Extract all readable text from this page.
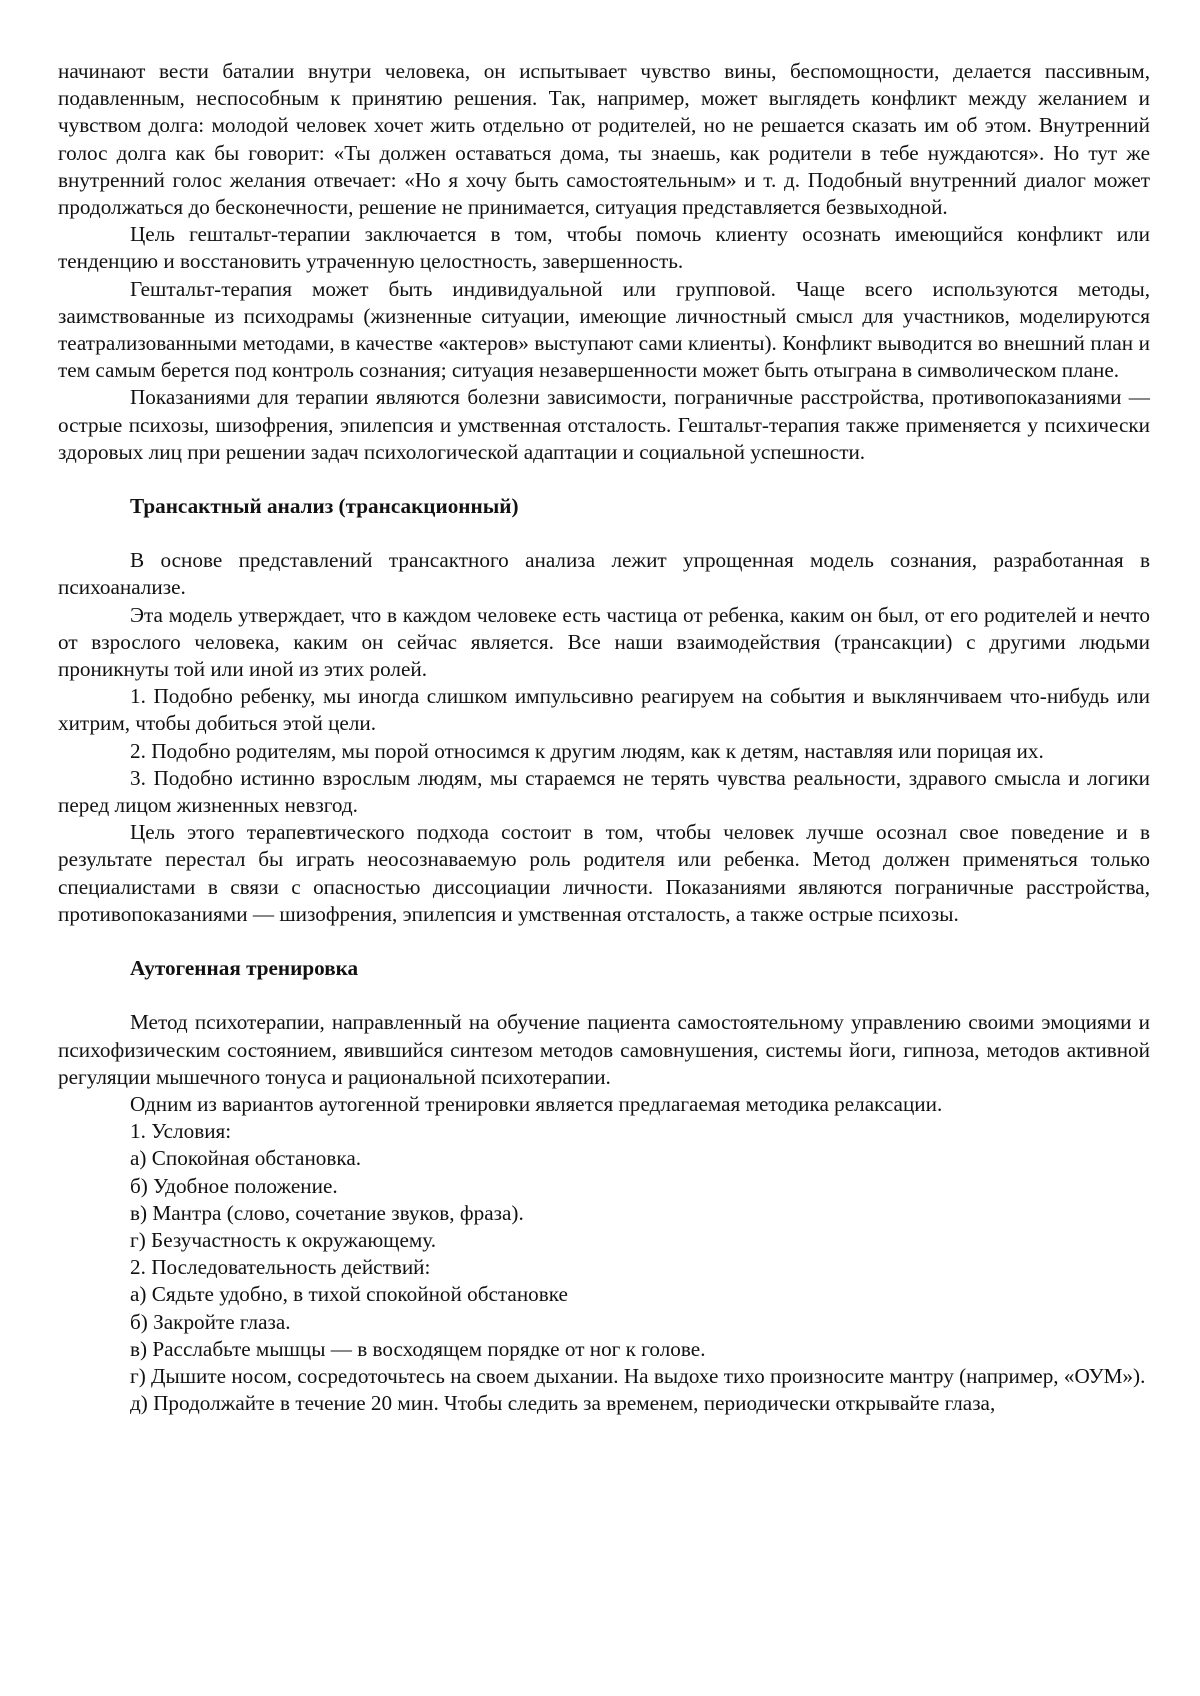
начинают вести баталии внутри человека, он испытывает чувство вины, беспомощности, делается пассивным, подавленным, неспособным к принятию решения. Так, например, может выглядеть конфликт между желанием и чувством долга: молодой человек хочет жить отдельно от родителей, но не решается сказать им об этом. Внутренний голос долга как бы говорит: «Ты должен оставаться дома, ты знаешь, как родители в тебе нуждаются». Но тут же внутренний голос желания отвечает: «Но я хочу быть самостоятельным» и т. д. Подобный внутренний диалог может продолжаться до бесконечности, решение не принимается, ситуация представляется безвыходной.

Цель гештальт-терапии заключается в том, чтобы помочь клиенту осознать имеющийся конфликт или тенденцию и восстановить утраченную целостность, завершенность.

Гештальт-терапия может быть индивидуальной или групповой. Чаще всего используются методы, заимствованные из психодрамы (жизненные ситуации, имеющие личностный смысл для участников, моделируются театрализованными методами, в качестве «актеров» выступают сами клиенты). Конфликт выводится во внешний план и тем самым берется под контроль сознания; ситуация незавершенности может быть отыграна в символическом плане.

Показаниями для терапии являются болезни зависимости, пограничные расстройства, противопоказаниями — острые психозы, шизофрения, эпилепсия и умственная отсталость. Гештальт-терапия также применяется у психически здоровых лиц при решении задач психологической адаптации и социальной успешности.

Трансактный анализ (трансакционный)

В основе представлений трансактного анализа лежит упрощенная модель сознания, разработанная в психоанализе.

Эта модель утверждает, что в каждом человеке есть частица от ребенка, каким он был, от его родителей и нечто от взрослого человека, каким он сейчас является. Все наши взаимодействия (трансакции) с другими людьми проникнуты той или иной из этих ролей.

1. Подобно ребенку, мы иногда слишком импульсивно реагируем на события и выклянчиваем что-нибудь или хитрим, чтобы добиться этой цели.

2. Подобно родителям, мы порой относимся к другим людям, как к детям, наставляя или порицая их.

3. Подобно истинно взрослым людям, мы стараемся не терять чувства реальности, здравого смысла и логики перед лицом жизненных невзгод.

Цель этого терапевтического подхода состоит в том, чтобы человек лучше осознал свое поведение и в результате перестал бы играть неосознаваемую роль родителя или ребенка. Метод должен применяться только специалистами в связи с опасностью диссоциации личности. Показаниями являются пограничные расстройства, противопоказаниями — шизофрения, эпилепсия и умственная отсталость, а также острые психозы.

Аутогенная тренировка

Метод психотерапии, направленный на обучение пациента самостоятельному управлению своими эмоциями и психофизическим состоянием, явившийся синтезом методов самовнушения, системы йоги, гипноза, методов активной регуляции мышечного тонуса и рациональной психотерапии.

Одним из вариантов аутогенной тренировки является предлагаемая методика релаксации.

1. Условия:

а) Спокойная обстановка.

б) Удобное положение.

в) Мантра (слово, сочетание звуков, фраза).

г) Безучастность к окружающему.

2. Последовательность действий:

а) Сядьте удобно, в тихой спокойной обстановке

б) Закройте глаза.

в) Расслабьте мышцы — в восходящем порядке от ног к голове.

г) Дышите носом, сосредоточьтесь на своем дыхании. На выдохе тихо произносите мантру (например, «ОУМ»).

д) Продолжайте в течение 20 мин. Чтобы следить за временем, периодически открывайте глаза,
